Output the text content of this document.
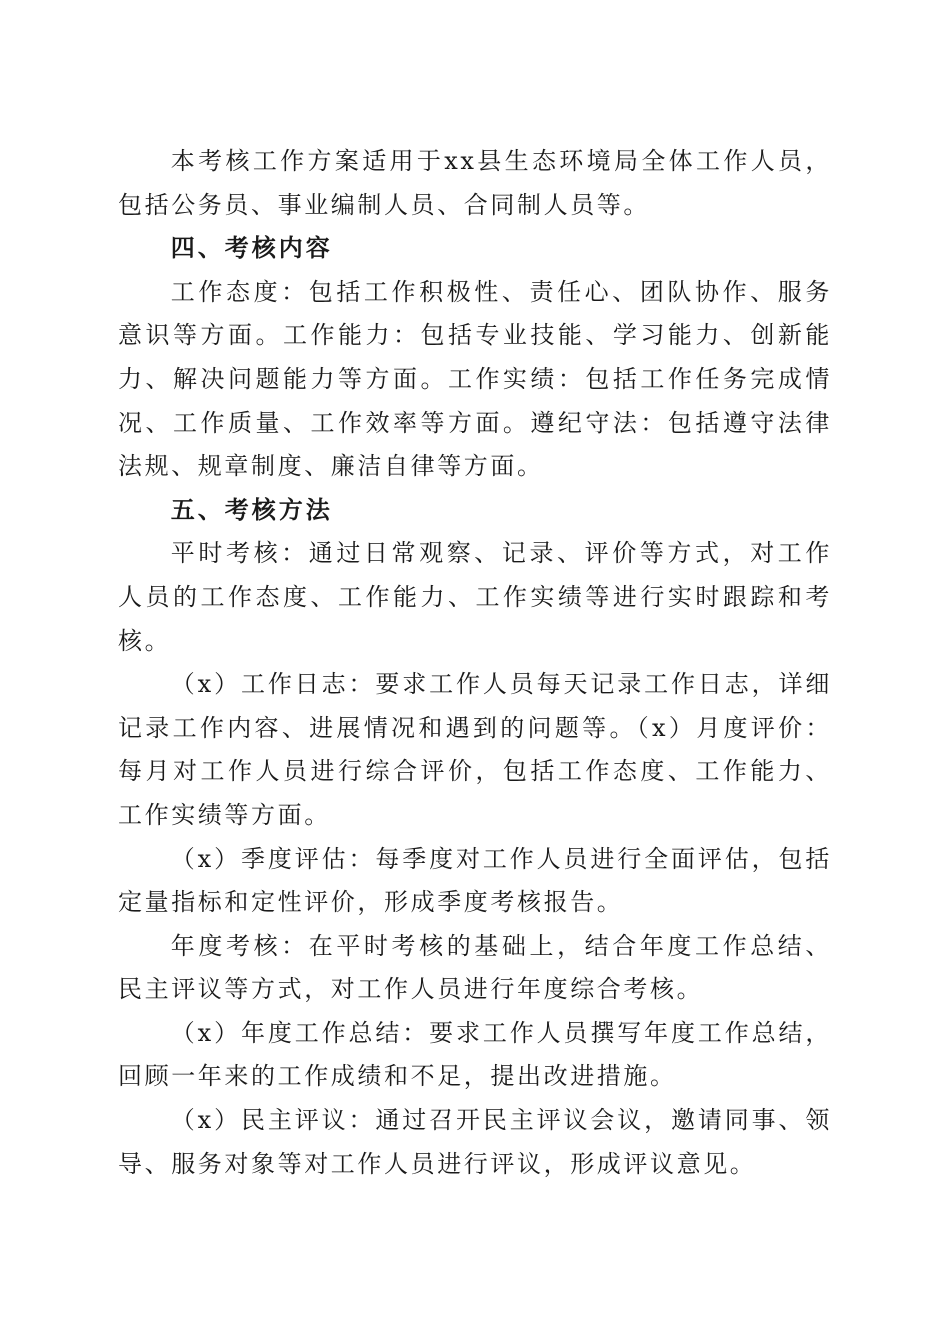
本考核工作方案适用于xx县生态环境局全体工作人员，包括公务员、事业编制人员、合同制人员等。

四、考核内容

工作态度：包括工作积极性、责任心、团队协作、服务意识等方面。工作能力：包括专业技能、学习能力、创新能力、解决问题能力等方面。工作实绩：包括工作任务完成情况、工作质量、工作效率等方面。遵纪守法：包括遵守法律法规、规章制度、廉洁自律等方面。

五、考核方法

平时考核：通过日常观察、记录、评价等方式，对工作人员的工作态度、工作能力、工作实绩等进行实时跟踪和考核。

（x）工作日志：要求工作人员每天记录工作日志，详细记录工作内容、进展情况和遇到的问题等。（x）月度评价：每月对工作人员进行综合评价，包括工作态度、工作能力、工作实绩等方面。

（x）季度评估：每季度对工作人员进行全面评估，包括定量指标和定性评价，形成季度考核报告。

年度考核：在平时考核的基础上，结合年度工作总结、民主评议等方式，对工作人员进行年度综合考核。

（x）年度工作总结：要求工作人员撰写年度工作总结，回顾一年来的工作成绩和不足，提出改进措施。

（x）民主评议：通过召开民主评议会议，邀请同事、领导、服务对象等对工作人员进行评议，形成评议意见。
